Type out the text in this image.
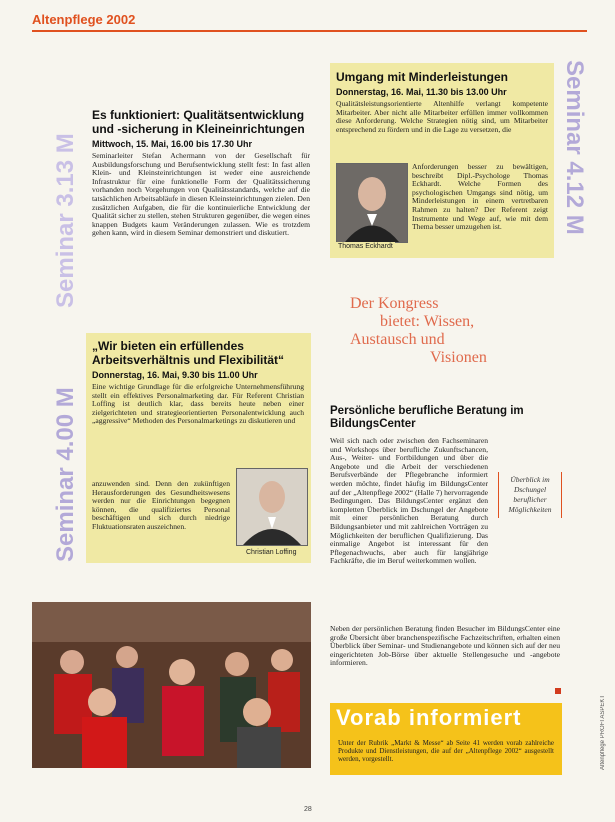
Altenpflege 2002
Seminar 3.13 M
Es funktioniert: Qualitätsentwicklung und -sicherung in Kleineinrichtungen
Mittwoch, 15. Mai, 16.00 bis 17.30 Uhr
Seminarleiter Stefan Achermann von der Gesellschaft für Ausbildungsforschung und Berufsentwicklung stellt fest: In fast allen Klein- und Kleinsteinrichtungen ist weder eine ausreichende Infrastruktur für eine funktionelle Form der Qualitätssicherung vorhanden noch Vorgehungen von Qualitätsstandards, welche auf die tatsächlichen Arbeitsabläufe in diesen Kleinsteinrichtungen zielen. Den zusätzlichen Aufgaben, die für die kontinuierliche Entwicklung der Qualität sicher zu stellen, stehen Strukturen gegenüber, die wegen eines knappen Budgets kaum Veränderungen zulassen. Wie es trotzdem gehen kann, wird in diesem Seminar demonstriert und diskutiert.	Seminar 4.12 M
Umgang mit Minderleistungen
Donnerstag, 16. Mai, 11.30 bis 13.00 Uhr
Qualitätsleistungsorientierte Altenhilfe verlangt kompetente Mitarbeiter. Aber nicht alle Mitarbeiter erfüllen immer vollkommen diese Anforderung. Welche Strategien nötig sind, um Mitarbeiter entsprechend zu fördern und in die Lage zu versetzen, die
Thomas Eckhardt
Anforderungen besser zu bewältigen, beschreibt Dipl.-Psychologe Thomas Eckhardt. Welche Formen des psychologischen Umgangs sind nötig, um Minderleistungen in einem vertretbaren Rahmen zu halten? Der Referent zeigt Instrumente und Wege auf, wie mit dem Thema besser umzugehen ist.
Der Kongress
bietet: Wissen,
Austausch und
Visionen
Seminar 4.00 M
„Wir bieten ein erfüllendes Arbeitsverhältnis und Flexibilität“
Donnerstag, 16. Mai, 9.30 bis 11.00 Uhr
Eine wichtige Grundlage für die erfolgreiche Unternehmensführung stellt ein effektives Personalmarketing dar. Für Referent Christian Loffing ist deutlich klar, dass bereits heute neben einer zielgerichteten und strategieorientierten Personalentwicklung auch „aggressive“ Methoden des Personalmarketings zu diskutieren und
anzuwenden sind. Denn den zukünftigen Herausforderungen des Gesundheitswesens werden nur die Einrichtungen begegnen können, die qualifiziertes Personal beschäftigen und sich durch niedrige Fluktuationsraten auszeichnen.
Christian Loffing
Persönliche berufliche Beratung im BildungsCenter
Weil sich nach oder zwischen den Fachseminaren und Workshops über berufliche Zukunftschancen, Aus-, Weiter- und Fortbildungen und über die Angebote und die Arbeit der verschiedenen Berufsverbände der Pflegebranche informiert werden möchte, findet häufig im BildungsCenter auf der „Altenpflege 2002“ (Halle 7) hervorragende Bedingungen. Das BildungsCenter ergänzt den kompletten Überblick im Dschungel der Angebote mit einer persönlichen Beratung durch Bildungsanbieter und mit zahlreichen Vorträgen zu Möglichkeiten der beruflichen Qualifizierung. Das einmalige Angebot ist interessant für den Pflegenachwuchs, aber auch für langjährige Fachkräfte, die im Beruf weiterkommen wollen.
Überblick im Dschungel beruflicher Möglichkeiten
Neben der persönlichen Beratung finden Besucher im BildungsCenter eine große Übersicht über branchenspezifische Fachzeitschriften, erhalten einen Überblick über Seminar- und Studienangebote und können sich auf der neu eingerichteten Job-Börse über aktuelle Stellengesuche und -angebote informieren.
Vorab informiert
Unter der Rubrik „Markt & Messe“ ab Seite 41 werden vorab zahlreiche Produkte und Dienstleistungen, die auf der „Altenpflege 2002“ ausgestellt werden, vorgestellt.	Altenpflege PROFI ASPEKT
28
